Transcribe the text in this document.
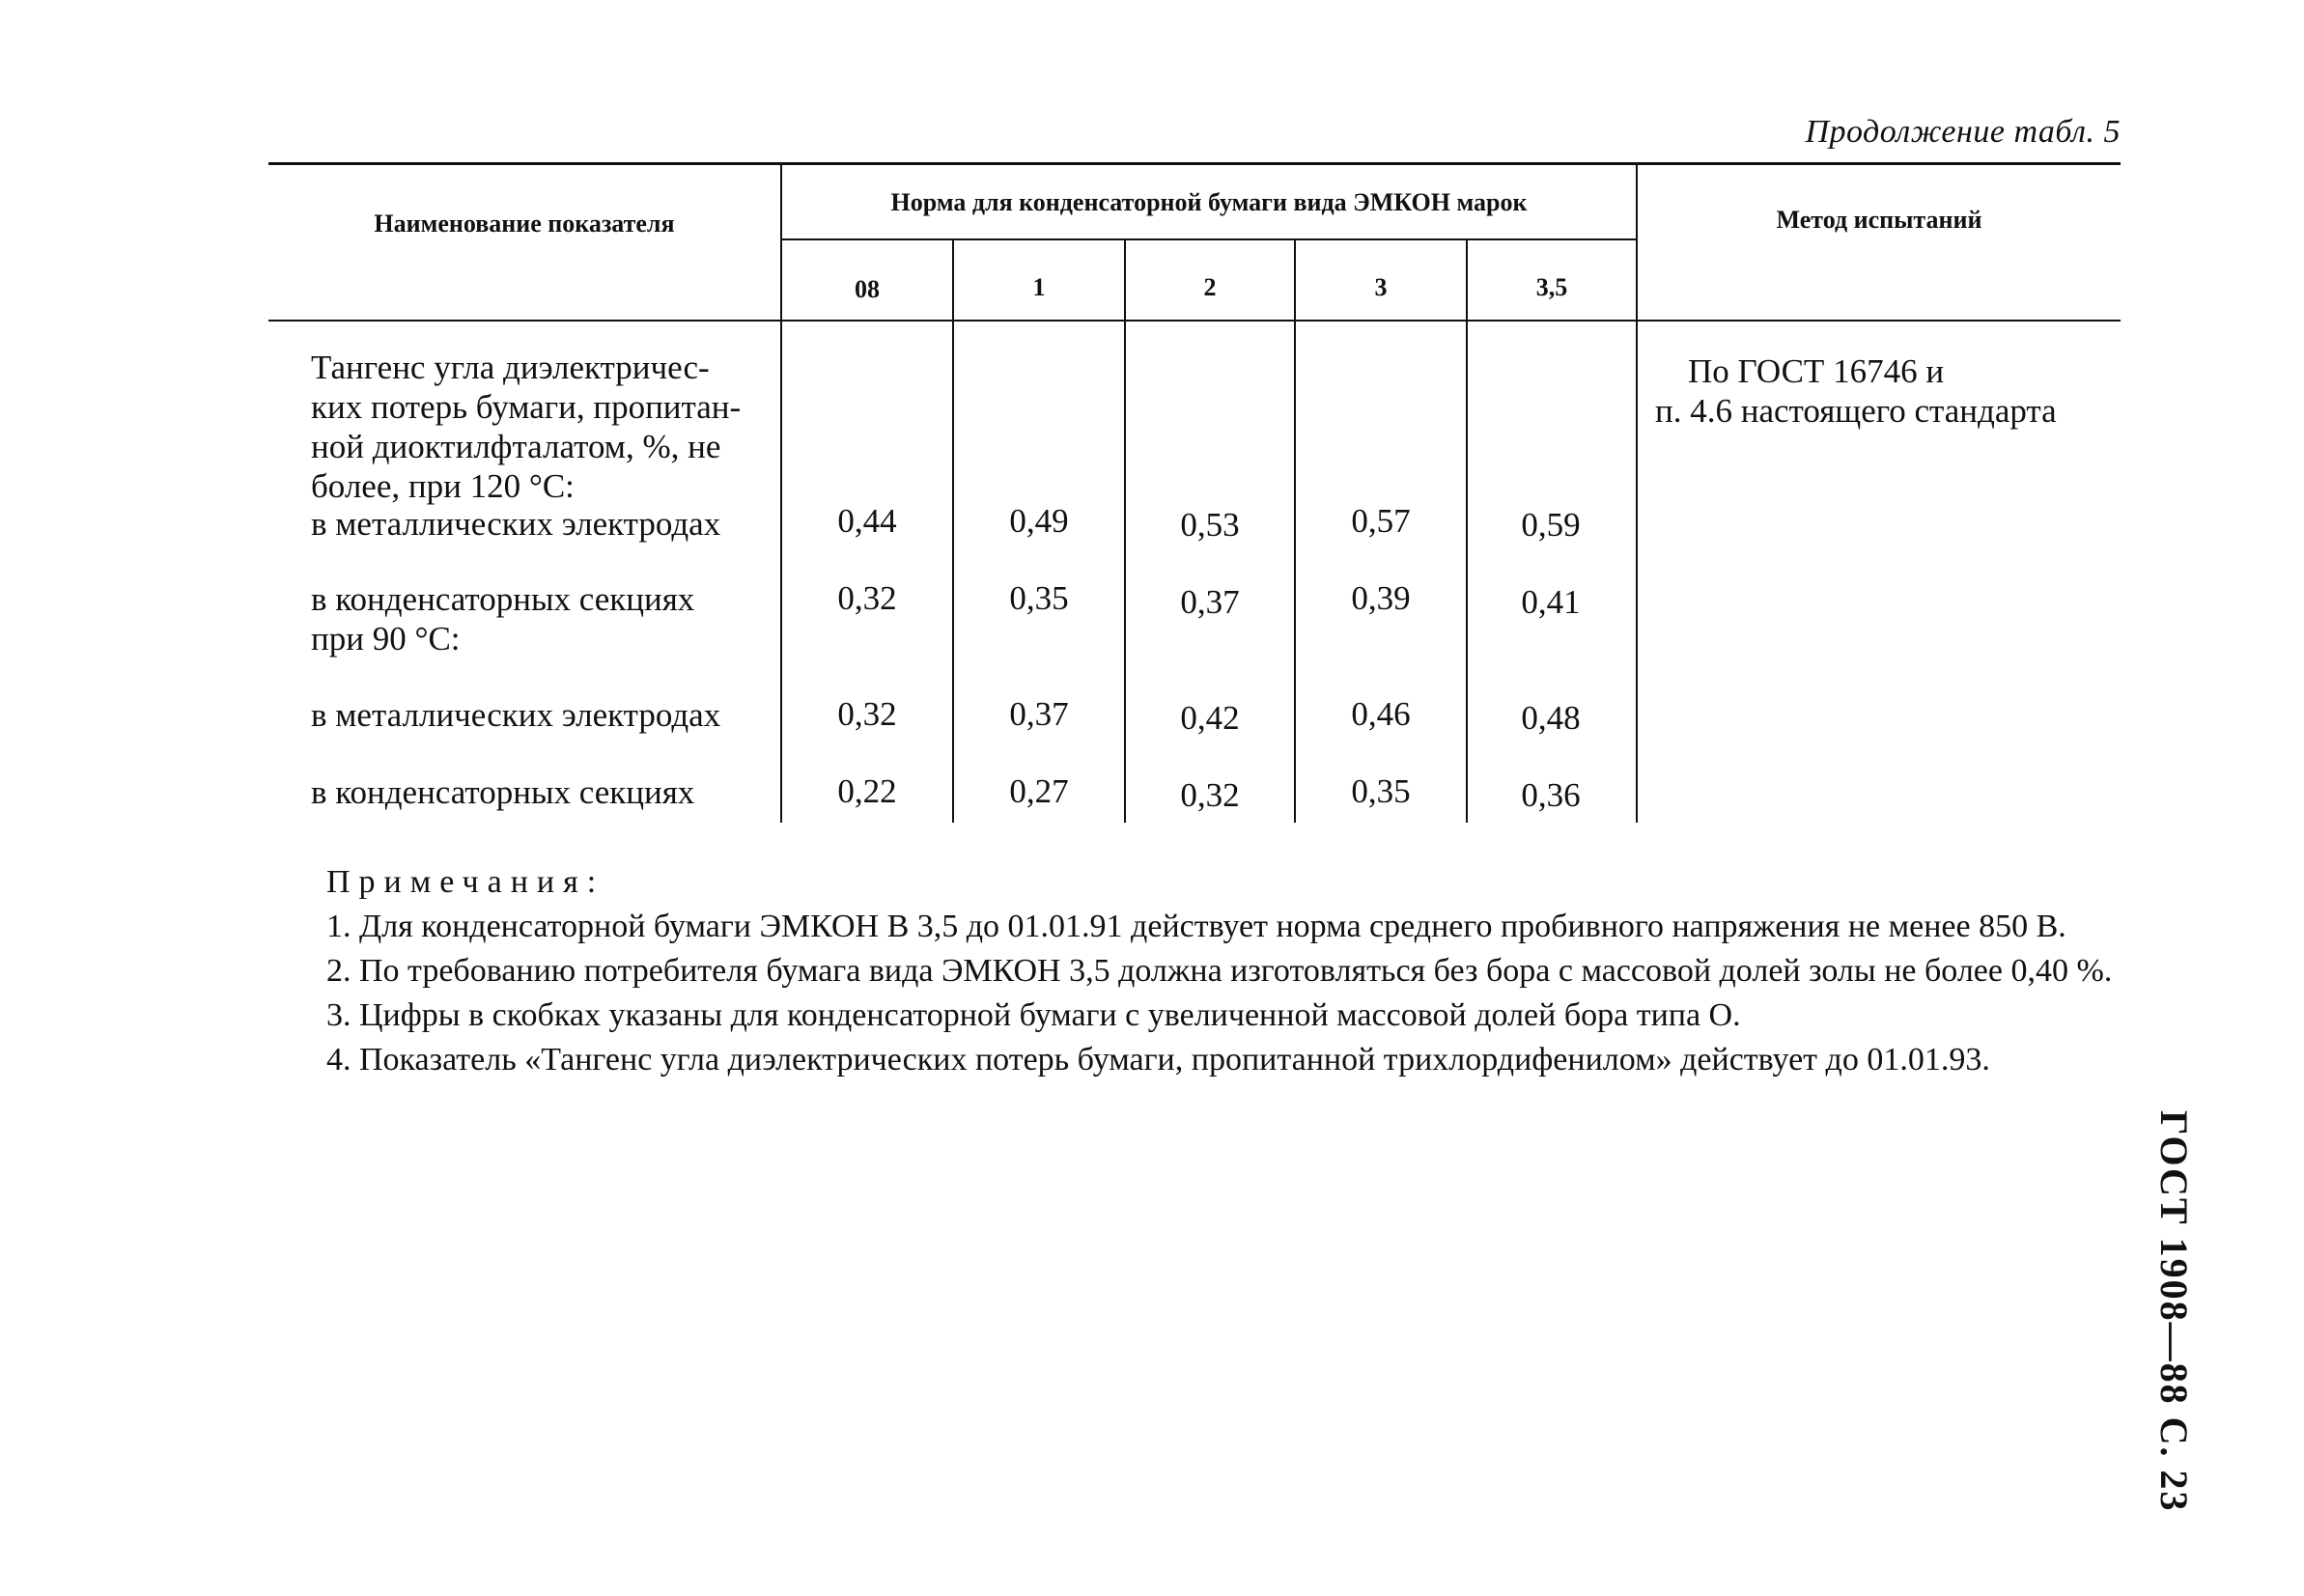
Продолжение табл. 5
Наименование показателя
Норма для конденсаторной бумаги вида ЭМКОН марок
Метод испытаний
08	1	2	3	3,5
Тангенс угла диэлектричес-
ких потерь бумаги, пропитан-
ной диоктилфталатом, %, не
более, при 120 °С:
По ГОСТ 16746 и
п. 4.6 настоящего стандарта
в металлических электродах	0,44	0,49	0,53	0,57	0,59
в конденсаторных секциях	0,32	0,35	0,37	0,39	0,41
при 90 °С:
в металлических электродах	0,32	0,37	0,42	0,46	0,48
в конденсаторных секциях	0,22	0,27	0,32	0,35	0,36
Примечания:

1. Для конденсаторной бумаги ЭМКОН В 3,5 до 01.01.91 действует норма среднего пробивного напряжения не менее 850 В.

2. По требованию потребителя бумага вида ЭМКОН 3,5 должна изготовляться без бора с массовой долей золы не более 0,40 %.

3. Цифры в скобках указаны для конденсаторной бумаги с увеличенной массовой долей бора типа О.

4. Показатель «Тангенс угла диэлектрических потерь бумаги, пропитанной трихлордифенилом» действует до 01.01.93.

ГОСТ 1908—88 С. 23
